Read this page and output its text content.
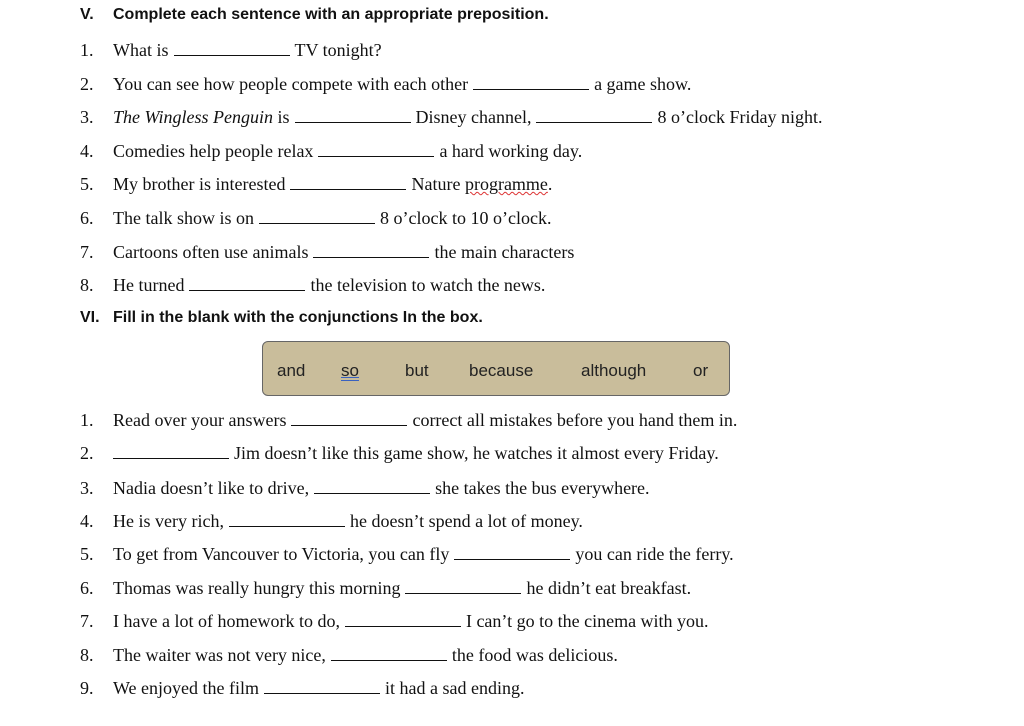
V. Complete each sentence with an appropriate preposition.
1. What is	TV tonight?
2. You can see how people compete with each other	a game show.
3. The Wingless Penguin is	Disney channel,	8 o’clock Friday night.
4. Comedies help people relax	a hard working day.
5. My brother is interested	Nature programme.
6. The talk show is on	8 o’clock to 10 o’clock.
7. Cartoons often use animals	the main characters
8. He turned	the television to watch the news.
VI. Fill in the blank with the conjunctions In the box.
and so	but because	although	or
1. Read over your answers	correct all mistakes before you hand them in.
2.	Jim doesn’t like this game show, he watches it almost every Friday.
3. Nadia doesn’t like to drive,	she takes the bus everywhere.
4. He is very rich,	he doesn’t spend a lot of money.
5. To get from Vancouver to Victoria, you can fly	you can ride the ferry.
6. Thomas was really hungry this morning	he didn’t eat breakfast.
7. I have a lot of homework to do,	I can’t go to the cinema with you.
8. The waiter was not very nice,	the food was delicious.
9. We enjoyed the film	it had a sad ending.
